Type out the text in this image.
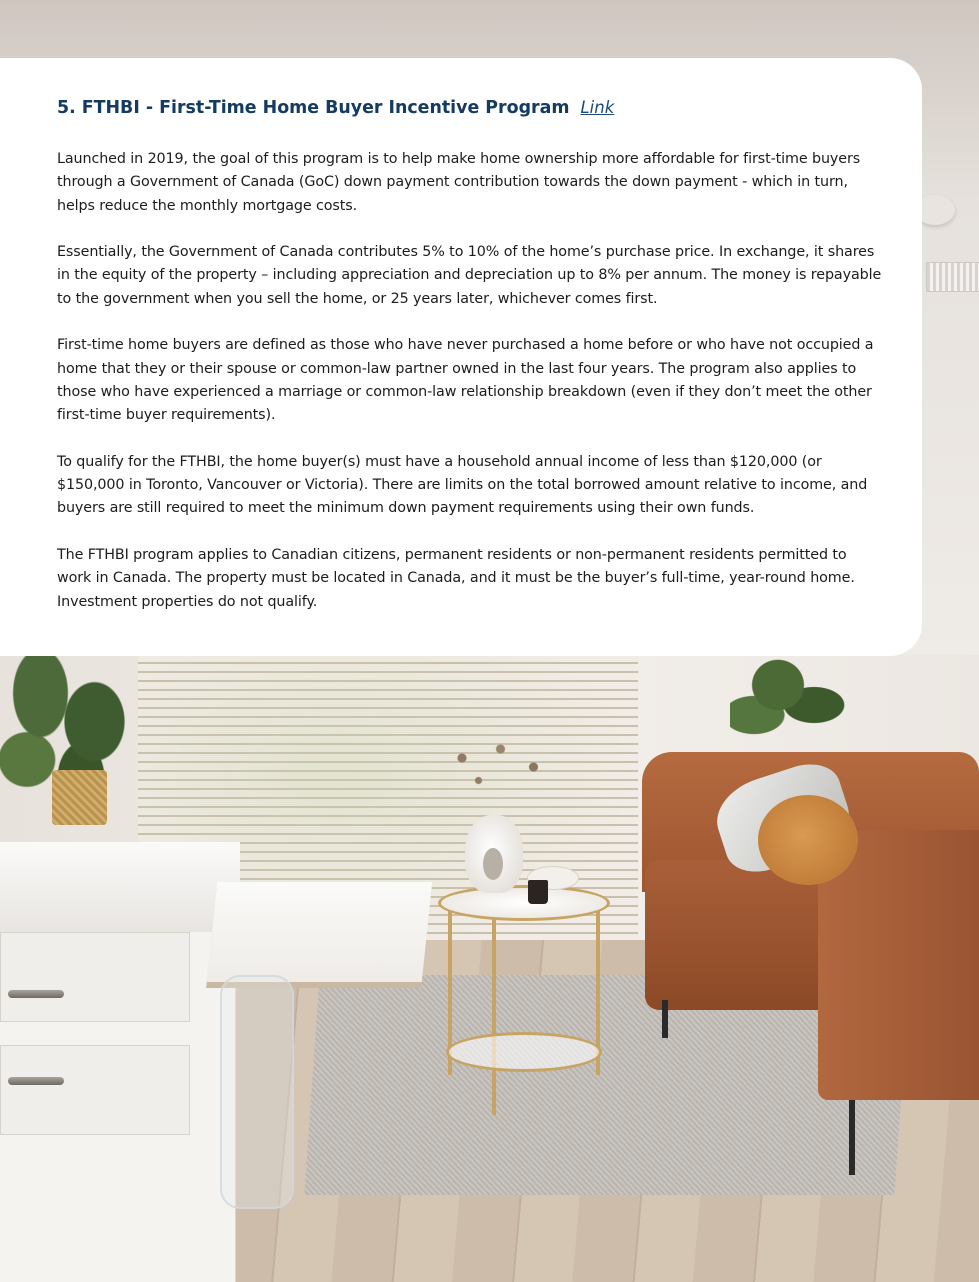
5. FTHBI - First-Time Home Buyer Incentive Program Link

Launched in 2019, the goal of this program is to help make home ownership more affordable for first-time buyers through a Government of Canada (GoC) down payment contribution towards the down payment - which in turn, helps reduce the monthly mortgage costs.

Essentially, the Government of Canada contributes 5% to 10% of the home’s purchase price. In exchange, it shares in the equity of the property – including appreciation and depreciation up to 8% per annum. The money is repayable to the government when you sell the home, or 25 years later, whichever comes first.

First-time home buyers are defined as those who have never purchased a home before or who have not occupied a home that they or their spouse or common-law partner owned in the last four years. The program also applies to those who have experienced a marriage or common-law relationship breakdown (even if they don’t meet the other first-time buyer requirements).

To qualify for the FTHBI, the home buyer(s) must have a household annual income of less than $120,000 (or $150,000 in Toronto, Vancouver or Victoria). There are limits on the total borrowed amount relative to income, and buyers are still required to meet the minimum down payment requirements using their own funds.

The FTHBI program applies to Canadian citizens, permanent residents or non-permanent residents permitted to work in Canada. The property must be located in Canada, and it must be the buyer’s full-time, year-round home. Investment properties do not qualify.
